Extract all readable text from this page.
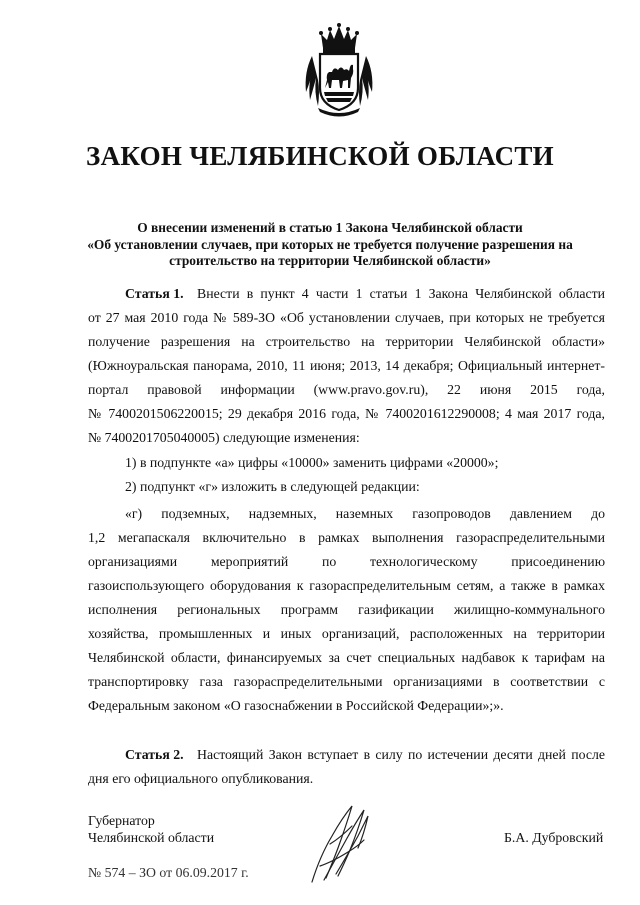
ЗАКОН ЧЕЛЯБИНСКОЙ ОБЛАСТИ
О внесении изменений в статью 1 Закона Челябинской области
«Об установлении случаев, при которых не требуется получение разрешения на
строительство на территории Челябинской области»
Статья 1. Внести в пункт 4 части 1 статьи 1 Закона Челябинской области
от 27 мая 2010 года № 589-ЗО «Об установлении случаев, при которых не требуется
получение разрешения на строительство на территории Челябинской области»
(Южноуральская панорама, 2010, 11 июня; 2013, 14 декабря; Официальный интернет-
портал правовой информации (www.pravo.gov.ru), 22 июня 2015 года,
№ 7400201506220015; 29 декабря 2016 года, № 7400201612290008; 4 мая 2017 года,
№ 7400201705040005) следующие изменения:
1) в подпункте «а» цифры «10000» заменить цифрами «20000»;
2) подпункт «г» изложить в следующей редакции:
«г) подземных, надземных, наземных газопроводов давлением до
1,2 мегапаскаля включительно в рамках выполнения газораспределительными
организациями мероприятий по технологическому присоединению
газоиспользующего оборудования к газораспределительным сетям, а также в рамках
исполнения региональных программ газификации жилищно-коммунального
хозяйства, промышленных и иных организаций, расположенных на территории
Челябинской области, финансируемых за счет специальных надбавок к тарифам на
транспортировку газа газораспределительными организациями в соответствии с
Федеральным законом «О газоснабжении в Российской Федерации»;».
Статья 2. Настоящий Закон вступает в силу по истечении десяти дней после
дня его официального опубликования.
Губернатор
Челябинской области	Б.А. Дубровский
№ 574 – ЗО от 06.09.2017 г.
